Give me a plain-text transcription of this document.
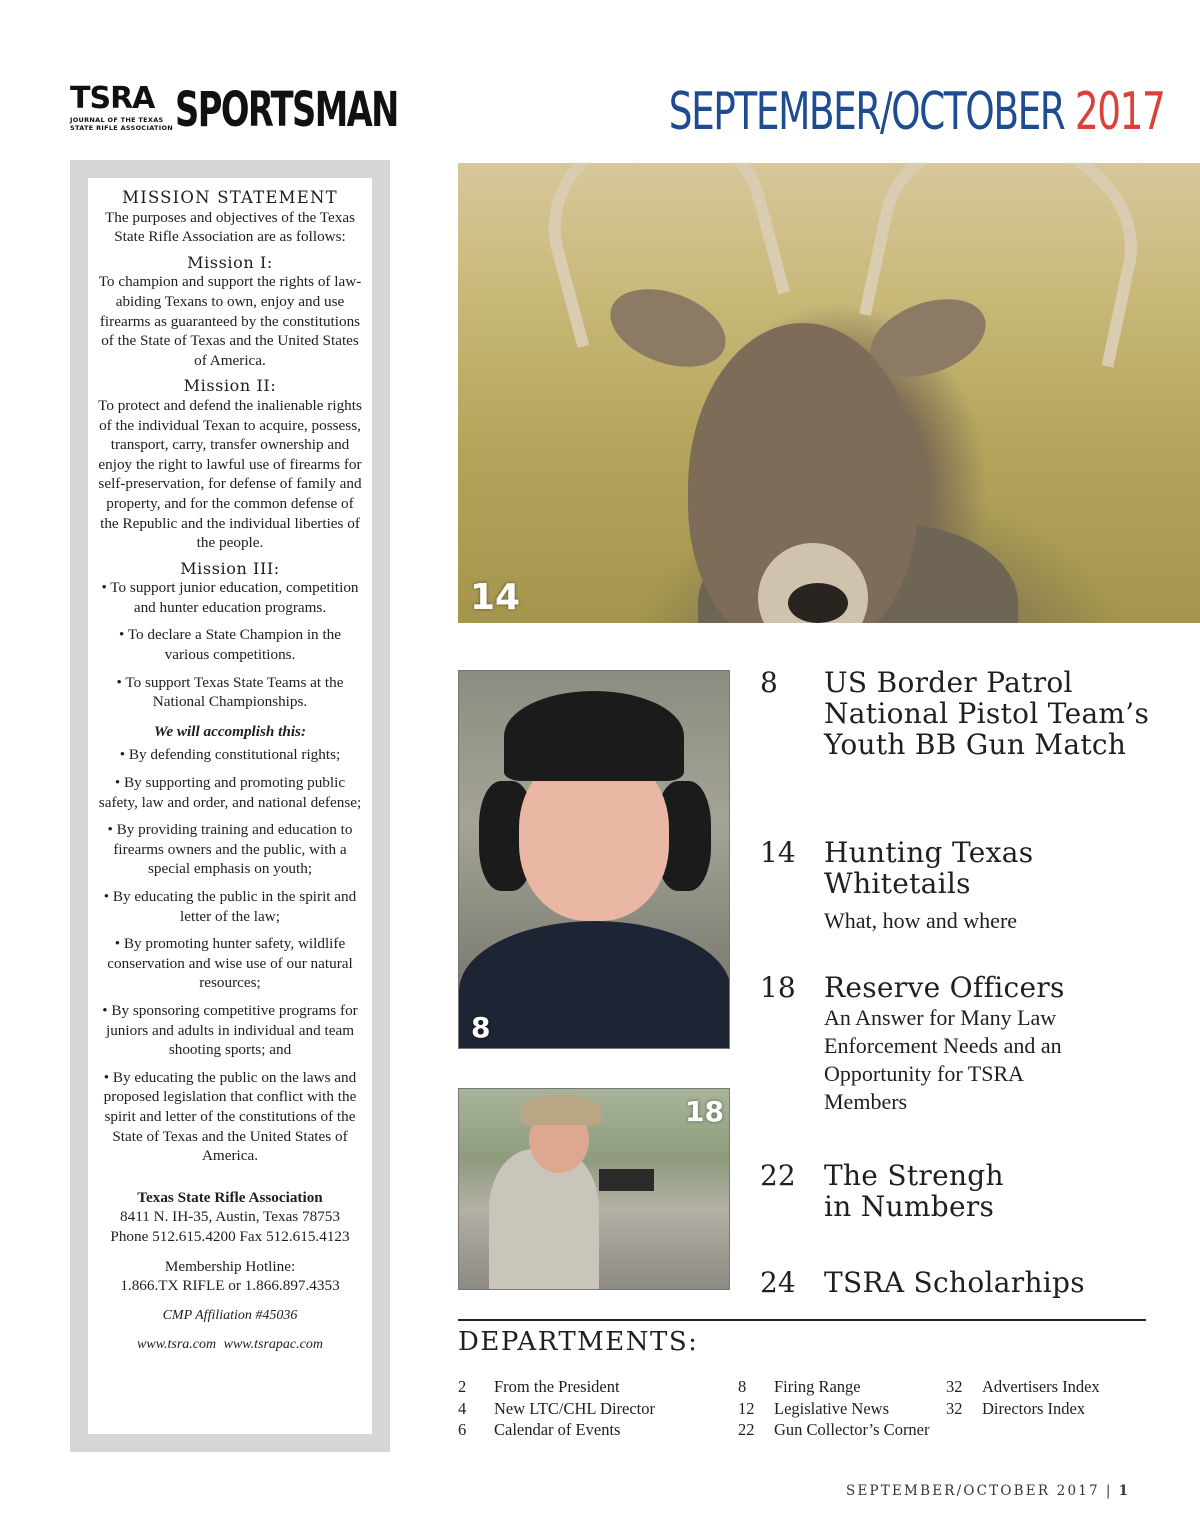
TSRA
JOURNAL OF THE TEXAS STATE RIFLE ASSOCIATION SPORTSMAN	SEPTEMBER/OCTOBER 2017
MISSION STATEMENT
The purposes and objectives of the Texas State Rifle Association are as follows:
Mission I:
To champion and support the rights of law-abiding Texans to own, enjoy and use firearms as guaranteed by the constitutions of the State of Texas and the United States of America.
Mission II:
To protect and defend the inalienable rights of the individual Texan to acquire, possess, transport, carry, transfer ownership and enjoy the right to lawful use of firearms for self-preservation, for defense of family and property, and for the common defense of the Republic and the individual liberties of the people.
Mission III:
• To support junior education, competition and hunter education programs.
• To declare a State Champion in the various competitions.
• To support Texas State Teams at the National Championships.
We will accomplish this:
• By defending constitutional rights;
• By supporting and promoting public safety, law and order, and national defense;
• By providing training and education to firearms owners and the public, with a special emphasis on youth;
• By educating the public in the spirit and letter of the law;
• By promoting hunter safety, wildlife conservation and wise use of our natural resources;
• By sponsoring competitive programs for juniors and adults in individual and team shooting sports; and
• By educating the public on the laws and proposed legislation that conflict with the spirit and letter of the constitutions of the State of Texas and the United States of America.
Texas State Rifle Association
8411 N. IH-35, Austin, Texas 78753
Phone 512.615.4200 Fax 512.615.4123
Membership Hotline:
1.866.TX RIFLE or 1.866.897.4353
CMP Affiliation #45036
www.tsra.com www.tsrapac.com
14
8
18
8 US Border Patrol National Pistol Team’s Youth BB Gun Match
14 Hunting Texas Whitetails
What, how and where
18 Reserve Officers
An Answer for Many Law Enforcement Needs and an Opportunity for TSRA Members
22 The Strengh in Numbers
24 TSRA Scholarhips
DEPARTMENTS:
2 From the President
4 New LTC/CHL Director
6 Calendar of Events
8 Firing Range
12 Legislative News
22 Gun Collector’s Corner
32 Advertisers Index
32 Directors Index
SEPTEMBER/OCTOBER 2017 | 1
